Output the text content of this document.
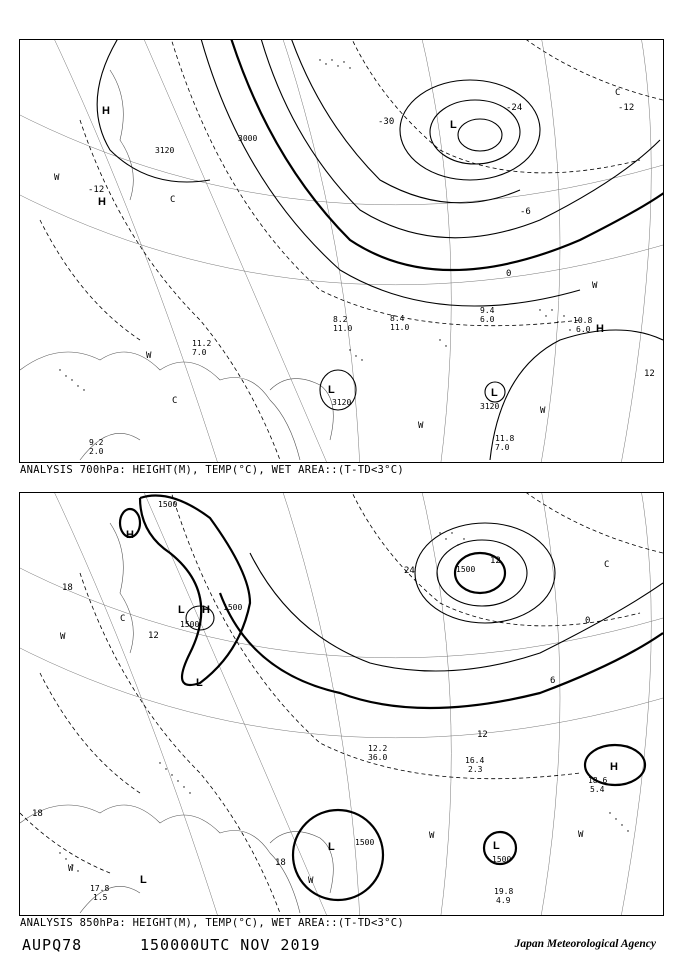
3000
3120
3120	3120
-30
-24
-12
-12
-6
0
12
H
H
H
L
L	L
W
W
W
W
W
C
C
C
9.4
6.0	10.8
6.0
11.8
7.0
8.2
11.0
8.4
11.0
11.2
7.0
9.2
2.0
ANALYSIS 700hPa: HEIGHT(M), TEMP(°C), WET AREA::(T-TD<3°C)
1500
1500
1500
1500
1500
1500
24
12
12
18
18
0
12
18
6
H
H
H
L
L
L	L
W
W
W
W	W
C
C
L
16.4
2.3
18.6
5.4
19.8
4.9
12.2
36.0
17.8
1.5
ANALYSIS 850hPa: HEIGHT(M), TEMP(°C), WET AREA::(T-TD<3°C)
AUPQ78	150000UTC NOV 2019	Japan Meteorological Agency
